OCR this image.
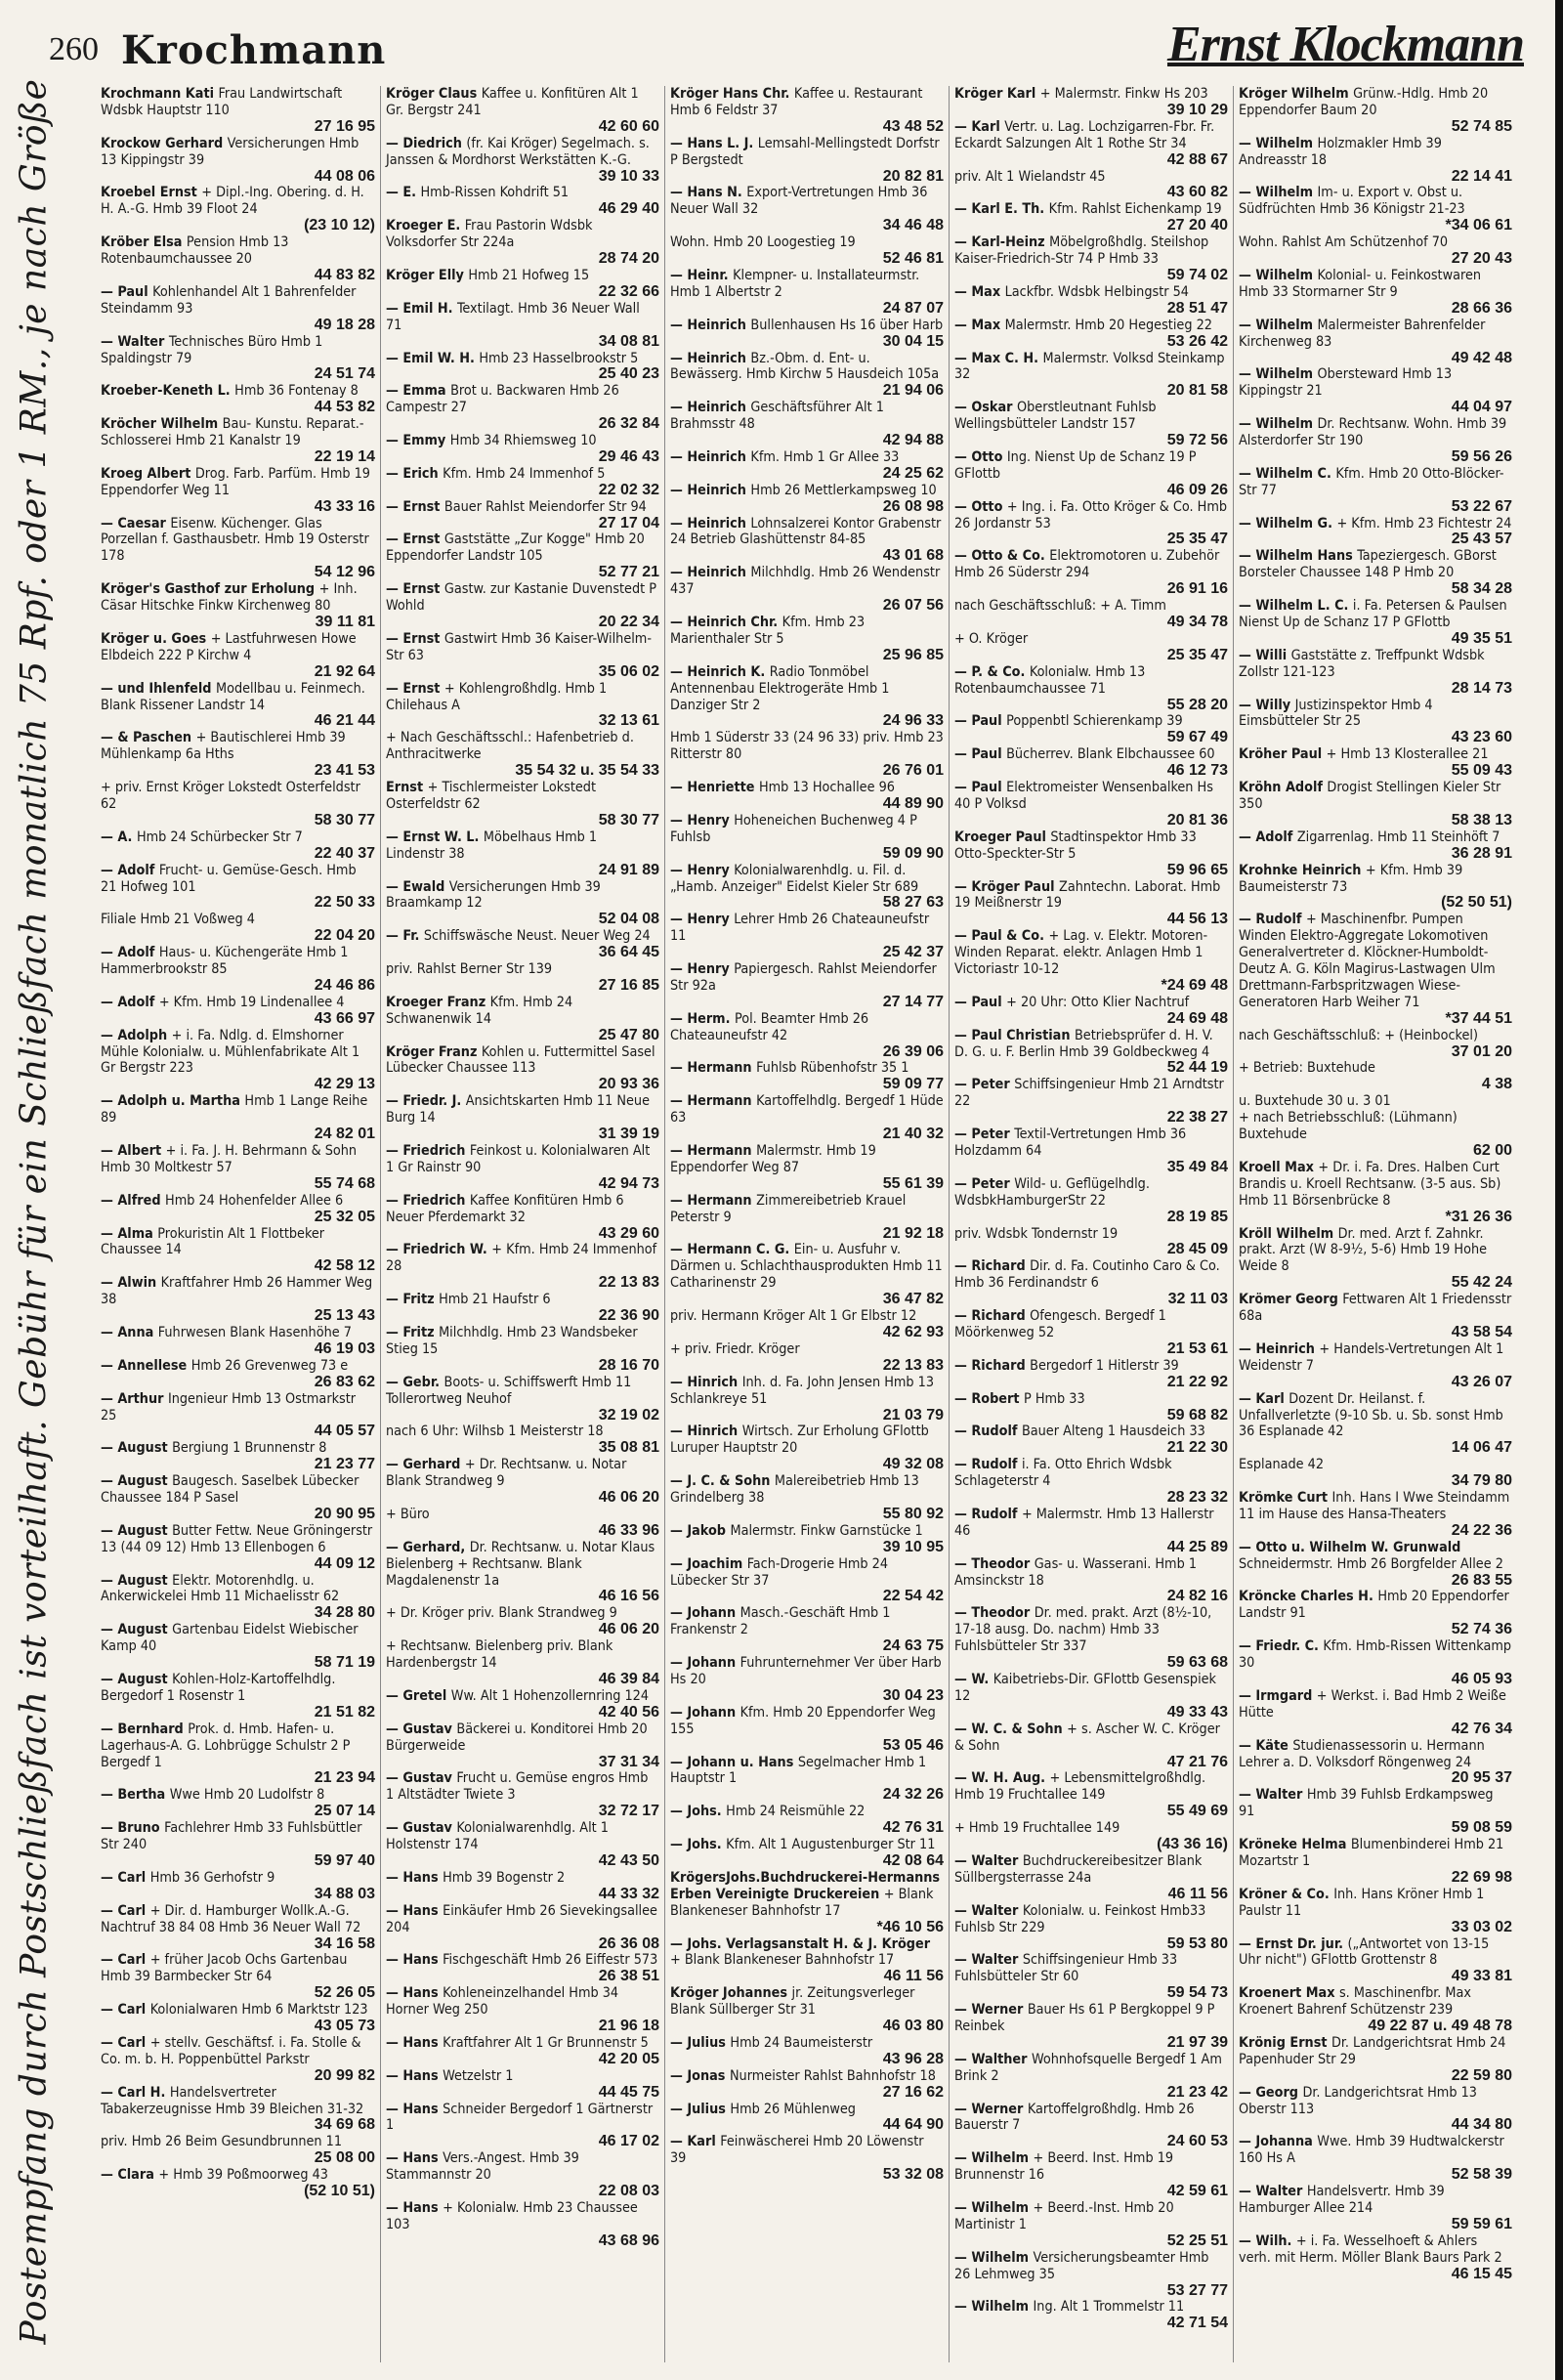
260 Krochmann	Ernst Klockmann
Postempfang durch Postschließfach ist vorteilhaft. Gebühr für ein Schließfach monatlich 75 Rpf. oder 1 RM., je nach Größe	Krochmann Kati Frau Landwirtschaft Wdsbk Hauptstr 110
27 16 95

Krockow Gerhard Versicherungen Hmb 13 Kippingstr 39
44 08 06

Kroebel Ernst + Dipl.-Ing. Obering. d. H. H. A.-G. Hmb 39 Floot 24
(23 10 12)

Kröber Elsa Pension Hmb 13 Rotenbaumchaussee 20
44 83 82

— Paul Kohlenhandel Alt 1 Bahrenfelder Steindamm 93
49 18 28

— Walter Technisches Büro Hmb 1 Spaldingstr 79
24 51 74

Kroeber-Keneth L. Hmb 36 Fontenay 8
44 53 82

Kröcher Wilhelm Bau- Kunstu. Reparat.-Schlosserei Hmb 21 Kanalstr 19
22 19 14

Kroeg Albert Drog. Farb. Parfüm. Hmb 19 Eppendorfer Weg 11
43 33 16

— Caesar Eisenw. Küchenger. Glas Porzellan f. Gasthausbetr. Hmb 19 Osterstr 178
54 12 96

Kröger's Gasthof zur Erholung + Inh. Cäsar Hitschke Finkw Kirchenweg 80
39 11 81

Kröger u. Goes + Lastfuhrwesen Howe Elbdeich 222 P Kirchw 4
21 92 64

— und Ihlenfeld Modellbau u. Feinmech. Blank Rissener Landstr 14
46 21 44

— & Paschen + Bautischlerei Hmb 39 Mühlenkamp 6a Hths
23 41 53

+ priv. Ernst Kröger Lokstedt Osterfeldstr 62
58 30 77

— A. Hmb 24 Schürbecker Str 7
22 40 37

— Adolf Frucht- u. Gemüse-Gesch. Hmb 21 Hofweg 101
22 50 33

Filiale Hmb 21 Voßweg 4
22 04 20

— Adolf Haus- u. Küchengeräte Hmb 1 Hammerbrookstr 85
24 46 86

— Adolf + Kfm. Hmb 19 Lindenallee 4
43 66 97

— Adolph + i. Fa. Ndlg. d. Elmshorner Mühle Kolonialw. u. Mühlenfabrikate Alt 1 Gr Bergstr 223
42 29 13

— Adolph u. Martha Hmb 1 Lange Reihe 89
24 82 01

— Albert + i. Fa. J. H. Behrmann & Sohn Hmb 30 Moltkestr 57
55 74 68

— Alfred Hmb 24 Hohenfelder Allee 6
25 32 05

— Alma Prokuristin Alt 1 Flottbeker Chaussee 14
42 58 12

— Alwin Kraftfahrer Hmb 26 Hammer Weg 38
25 13 43

— Anna Fuhrwesen Blank Hasenhöhe 7
46 19 03

— Annellese Hmb 26 Grevenweg 73 e
26 83 62

— Arthur Ingenieur Hmb 13 Ostmarkstr 25
44 05 57

— August Bergiung 1 Brunnenstr 8
21 23 77

— August Baugesch. Saselbek Lübecker Chaussee 184 P Sasel
20 90 95

— August Butter Fettw. Neue Gröningerstr 13 (44 09 12) Hmb 13 Ellenbogen 6
44 09 12

— August Elektr. Motorenhdlg. u. Ankerwickelei Hmb 11 Michaelisstr 62
34 28 80

— August Gartenbau Eidelst Wiebischer Kamp 40
58 71 19

— August Kohlen-Holz-Kartoffelhdlg. Bergedorf 1 Rosenstr 1
21 51 82

— Bernhard Prok. d. Hmb. Hafen- u. Lagerhaus-A. G. Lohbrügge Schulstr 2 P Bergedf 1
21 23 94

— Bertha Wwe Hmb 20 Ludolfstr 8
25 07 14

— Bruno Fachlehrer Hmb 33 Fuhlsbüttler Str 240
59 97 40

— Carl Hmb 36 Gerhofstr 9
34 88 03

— Carl + Dir. d. Hamburger Wollk.A.-G. Nachtruf 38 84 08 Hmb 36 Neuer Wall 72
34 16 58

— Carl + früher Jacob Ochs Gartenbau Hmb 39 Barmbecker Str 64
52 26 05

— Carl Kolonialwaren Hmb 6 Marktstr 123
43 05 73

— Carl + stellv. Geschäftsf. i. Fa. Stolle & Co. m. b. H. Poppenbüttel Parkstr
20 99 82

— Carl H. Handelsvertreter Tabakerzeugnisse Hmb 39 Bleichen 31-32
34 69 68

priv. Hmb 26 Beim Gesundbrunnen 11
25 08 00

— Clara + Hmb 39 Poßmoorweg 43
(52 10 51)

Kröger Claus Kaffee u. Konfitüren Alt 1 Gr. Bergstr 241
42 60 60

— Diedrich (fr. Kai Kröger) Segelmach. s. Janssen & Mordhorst Werkstätten K.-G.
39 10 33

— E. Hmb-Rissen Kohdrift 51
46 29 40

Kroeger E. Frau Pastorin Wdsbk Volksdorfer Str 224a
28 74 20

Kröger Elly Hmb 21 Hofweg 15
22 32 66

— Emil H. Textilagt. Hmb 36 Neuer Wall 71
34 08 81

— Emil W. H. Hmb 23 Hasselbrookstr 5
25 40 23

— Emma Brot u. Backwaren Hmb 26 Campestr 27
26 32 84

— Emmy Hmb 34 Rhiemsweg 10
29 46 43

— Erich Kfm. Hmb 24 Immenhof 5
22 02 32

— Ernst Bauer Rahlst Meiendorfer Str 94
27 17 04

— Ernst Gaststätte „Zur Kogge" Hmb 20 Eppendorfer Landstr 105
52 77 21

— Ernst Gastw. zur Kastanie Duvenstedt P Wohld
20 22 34

— Ernst Gastwirt Hmb 36 Kaiser-Wilhelm-Str 63
35 06 02

— Ernst + Kohlengroßhdlg. Hmb 1 Chilehaus A
32 13 61

+ Nach Geschäftsschl.: Hafenbetrieb d. Anthracitwerke
35 54 32 u. 35 54 33

Ernst + Tischlermeister Lokstedt Osterfeldstr 62
58 30 77

— Ernst W. L. Möbelhaus Hmb 1 Lindenstr 38
24 91 89

— Ewald Versicherungen Hmb 39 Braamkamp 12
52 04 08

— Fr. Schiffswäsche Neust. Neuer Weg 24
36 64 45

priv. Rahlst Berner Str 139
27 16 85

Kroeger Franz Kfm. Hmb 24 Schwanenwik 14
25 47 80

Kröger Franz Kohlen u. Futtermittel Sasel Lübecker Chaussee 113
20 93 36

— Friedr. J. Ansichtskarten Hmb 11 Neue Burg 14
31 39 19

— Friedrich Feinkost u. Kolonialwaren Alt 1 Gr Rainstr 90
42 94 73

— Friedrich Kaffee Konfitüren Hmb 6 Neuer Pferdemarkt 32
43 29 60

— Friedrich W. + Kfm. Hmb 24 Immenhof 28
22 13 83

— Fritz Hmb 21 Haufstr 6
22 36 90

— Fritz Milchhdlg. Hmb 23 Wandsbeker Stieg 15
28 16 70

— Gebr. Boots- u. Schiffswerft Hmb 11 Tollerortweg Neuhof
32 19 02

nach 6 Uhr: Wilhsb 1 Meisterstr 18
35 08 81

— Gerhard + Dr. Rechtsanw. u. Notar Blank Strandweg 9
46 06 20

+ Büro
46 33 96

— Gerhard, Dr. Rechtsanw. u. Notar Klaus Bielenberg + Rechtsanw. Blank Magdalenenstr 1a
46 16 56

+ Dr. Kröger priv. Blank Strandweg 9
46 06 20

+ Rechtsanw. Bielenberg priv. Blank Hardenbergstr 14
46 39 84

— Gretel Ww. Alt 1 Hohenzollernring 124
42 40 56

— Gustav Bäckerei u. Konditorei Hmb 20 Bürgerweide
37 31 34

— Gustav Frucht u. Gemüse engros Hmb 1 Altstädter Twiete 3
32 72 17

— Gustav Kolonialwarenhdlg. Alt 1 Holstenstr 174
42 43 50

— Hans Hmb 39 Bogenstr 2
44 33 32

— Hans Einkäufer Hmb 26 Sievekingsallee 204
26 36 08

— Hans Fischgeschäft Hmb 26 Eiffestr 573
26 38 51

— Hans Kohleneinzelhandel Hmb 34 Horner Weg 250
21 96 18

— Hans Kraftfahrer Alt 1 Gr Brunnenstr 5
42 20 05

— Hans Wetzelstr 1
44 45 75

— Hans Schneider Bergedorf 1 Gärtnerstr 1
46 17 02

— Hans Vers.-Angest. Hmb 39 Stammannstr 20
22 08 03

— Hans + Kolonialw. Hmb 23 Chaussee 103
43 68 96

Kröger Hans Chr. Kaffee u. Restaurant Hmb 6 Feldstr 37
43 48 52

— Hans L. J. Lemsahl-Mellingstedt Dorfstr P Bergstedt
20 82 81

— Hans N. Export-Vertretungen Hmb 36 Neuer Wall 32
34 46 48

Wohn. Hmb 20 Loogestieg 19
52 46 81

— Heinr. Klempner- u. Installateurmstr. Hmb 1 Albertstr 2
24 87 07

— Heinrich Bullenhausen Hs 16 über Harb
30 04 15

— Heinrich Bz.-Obm. d. Ent- u. Bewässerg. Hmb Kirchw 5 Hausdeich 105a
21 94 06

— Heinrich Geschäftsführer Alt 1 Brahmsstr 48
42 94 88

— Heinrich Kfm. Hmb 1 Gr Allee 33
24 25 62

— Heinrich Hmb 26 Mettlerkampsweg 10
26 08 98

— Heinrich Lohnsalzerei Kontor Grabenstr 24 Betrieb Glashüttenstr 84-85
43 01 68

— Heinrich Milchhdlg. Hmb 26 Wendenstr 437
26 07 56

— Heinrich Chr. Kfm. Hmb 23 Marienthaler Str 5
25 96 85

— Heinrich K. Radio Tonmöbel Antennenbau Elektrogeräte Hmb 1 Danziger Str 2
24 96 33

Hmb 1 Süderstr 33 (24 96 33) priv. Hmb 23 Ritterstr 80
26 76 01

— Henriette Hmb 13 Hochallee 96
44 89 90

— Henry Hoheneichen Buchenweg 4 P Fuhlsb
59 09 90

— Henry Kolonialwarenhdlg. u. Fil. d. „Hamb. Anzeiger" Eidelst Kieler Str 689
58 27 63

— Henry Lehrer Hmb 26 Chateauneufstr 11
25 42 37

— Henry Papiergesch. Rahlst Meiendorfer Str 92a
27 14 77

— Herm. Pol. Beamter Hmb 26 Chateauneufstr 42
26 39 06

— Hermann Fuhlsb Rübenhofstr 35 1
59 09 77

— Hermann Kartoffelhdlg. Bergedf 1 Hüde 63
21 40 32

— Hermann Malermstr. Hmb 19 Eppendorfer Weg 87
55 61 39

— Hermann Zimmereibetrieb Krauel Peterstr 9
21 92 18

— Hermann C. G. Ein- u. Ausfuhr v. Därmen u. Schlachthausprodukten Hmb 11 Catharinenstr 29
36 47 82

priv. Hermann Kröger Alt 1 Gr Elbstr 12
42 62 93

+ priv. Friedr. Kröger
22 13 83

— Hinrich Inh. d. Fa. John Jensen Hmb 13 Schlankreye 51
21 03 79

— Hinrich Wirtsch. Zur Erholung GFlottb Luruper Hauptstr 20
49 32 08

— J. C. & Sohn Malereibetrieb Hmb 13 Grindelberg 38
55 80 92

— Jakob Malermstr. Finkw Garnstücke 1
39 10 95

— Joachim Fach-Drogerie Hmb 24 Lübecker Str 37
22 54 42

— Johann Masch.-Geschäft Hmb 1 Frankenstr 2
24 63 75

— Johann Fuhrunternehmer Ver über Harb Hs 20
30 04 23

— Johann Kfm. Hmb 20 Eppendorfer Weg 155
53 05 46

— Johann u. Hans Segelmacher Hmb 1 Hauptstr 1
24 32 26

— Johs. Hmb 24 Reismühle 22
42 76 31

— Johs. Kfm. Alt 1 Augustenburger Str 11
42 08 64

KrögersJohs.Buchdruckerei-Hermanns Erben Vereinigte Druckereien + Blank Blankeneser Bahnhofstr 17
*46 10 56

— Johs. Verlagsanstalt H. & J. Kröger + Blank Blankeneser Bahnhofstr 17
46 11 56

Kröger Johannes jr. Zeitungsverleger Blank Süllberger Str 31
46 03 80

— Julius Hmb 24 Baumeisterstr
43 96 28

— Jonas Nurmeister Rahlst Bahnhofstr 18
27 16 62

— Julius Hmb 26 Mühlenweg
44 64 90

— Karl Feinwäscherei Hmb 20 Löwenstr 39
53 32 08

Kröger Karl + Malermstr. Finkw Hs 203
39 10 29

— Karl Vertr. u. Lag. Lochzigarren-Fbr. Fr. Eckardt Salzungen Alt 1 Rothe Str 34
42 88 67

priv. Alt 1 Wielandstr 45
43 60 82

— Karl E. Th. Kfm. Rahlst Eichenkamp 19
27 20 40

— Karl-Heinz Möbelgroßhdlg. Steilshop Kaiser-Friedrich-Str 74 P Hmb 33
59 74 02

— Max Lackfbr. Wdsbk Helbingstr 54
28 51 47

— Max Malermstr. Hmb 20 Hegestieg 22
53 26 42

— Max C. H. Malermstr. Volksd Steinkamp 32
20 81 58

— Oskar Oberstleutnant Fuhlsb Wellingsbütteler Landstr 157
59 72 56

— Otto Ing. Nienst Up de Schanz 19 P GFlottb
46 09 26

— Otto + Ing. i. Fa. Otto Kröger & Co. Hmb 26 Jordanstr 53
25 35 47

— Otto & Co. Elektromotoren u. Zubehör Hmb 26 Süderstr 294
26 91 16

nach Geschäftsschluß: + A. Timm
49 34 78

+ O. Kröger
25 35 47

— P. & Co. Kolonialw. Hmb 13 Rotenbaumchaussee 71
55 28 20

— Paul Poppenbtl Schierenkamp 39
59 67 49

— Paul Bücherrev. Blank Elbchaussee 60
46 12 73

— Paul Elektromeister Wensenbalken Hs 40 P Volksd
20 81 36

Kroeger Paul Stadtinspektor Hmb 33 Otto-Speckter-Str 5
59 96 65

— Kröger Paul Zahntechn. Laborat. Hmb 19 Meißnerstr 19
44 56 13

— Paul & Co. + Lag. v. Elektr. Motoren-Winden Reparat. elektr. Anlagen Hmb 1 Victoriastr 10-12
*24 69 48

— Paul + 20 Uhr: Otto Klier Nachtruf
24 69 48

— Paul Christian Betriebsprüfer d. H. V. D. G. u. F. Berlin Hmb 39 Goldbeckweg 4
52 44 19

— Peter Schiffsingenieur Hmb 21 Arndtstr 22
22 38 27

— Peter Textil-Vertretungen Hmb 36 Holzdamm 64
35 49 84

— Peter Wild- u. Geflügelhdlg. WdsbkHamburgerStr 22
28 19 85

priv. Wdsbk Tondernstr 19
28 45 09

— Richard Dir. d. Fa. Coutinho Caro & Co. Hmb 36 Ferdinandstr 6
32 11 03

— Richard Ofengesch. Bergedf 1 Möörkenweg 52
21 53 61

— Richard Bergedorf 1 Hitlerstr 39
21 22 92

— Robert P Hmb 33
59 68 82

— Rudolf Bauer Alteng 1 Hausdeich 33
21 22 30

— Rudolf i. Fa. Otto Ehrich Wdsbk Schlageterstr 4
28 23 32

— Rudolf + Malermstr. Hmb 13 Hallerstr 46
44 25 89

— Theodor Gas- u. Wasserani. Hmb 1 Amsinckstr 18
24 82 16

— Theodor Dr. med. prakt. Arzt (8½-10, 17-18 ausg. Do. nachm) Hmb 33 Fuhlsbütteler Str 337
59 63 68

— W. Kaibetriebs-Dir. GFlottb Gesenspiek 12
49 33 43

— W. C. & Sohn + s. Ascher W. C. Kröger & Sohn
47 21 76

— W. H. Aug. + Lebensmittelgroßhdlg. Hmb 19 Fruchtallee 149
55 49 69

+ Hmb 19 Fruchtallee 149
(43 36 16)

— Walter Buchdruckereibesitzer Blank Süllbergsterrasse 24a
46 11 56

— Walter Kolonialw. u. Feinkost Hmb33 Fuhlsb Str 229
59 53 80

— Walter Schiffsingenieur Hmb 33 Fuhlsbütteler Str 60
59 54 73

— Werner Bauer Hs 61 P Bergkoppel 9 P Reinbek
21 97 39

— Walther Wohnhofsquelle Bergedf 1 Am Brink 2
21 23 42

— Werner Kartoffelgroßhdlg. Hmb 26 Bauerstr 7
24 60 53

— Wilhelm + Beerd. Inst. Hmb 19 Brunnenstr 16
42 59 61

— Wilhelm + Beerd.-Inst. Hmb 20 Martinistr 1
52 25 51

— Wilhelm Versicherungsbeamter Hmb 26 Lehmweg 35
53 27 77

— Wilhelm Ing. Alt 1 Trommelstr 11
42 71 54

Kröger Wilhelm Grünw.-Hdlg. Hmb 20 Eppendorfer Baum 20
52 74 85

— Wilhelm Holzmakler Hmb 39 Andreasstr 18
22 14 41

— Wilhelm Im- u. Export v. Obst u. Südfrüchten Hmb 36 Königstr 21-23
*34 06 61

Wohn. Rahlst Am Schützenhof 70
27 20 43

— Wilhelm Kolonial- u. Feinkostwaren Hmb 33 Stormarner Str 9
28 66 36

— Wilhelm Malermeister Bahrenfelder Kirchenweg 83
49 42 48

— Wilhelm Obersteward Hmb 13 Kippingstr 21
44 04 97

— Wilhelm Dr. Rechtsanw. Wohn. Hmb 39 Alsterdorfer Str 190
59 56 26

— Wilhelm C. Kfm. Hmb 20 Otto-Blöcker-Str 77
53 22 67

— Wilhelm G. + Kfm. Hmb 23 Fichtestr 24
25 43 57

— Wilhelm Hans Tapeziergesch. GBorst Borsteler Chaussee 148 P Hmb 20
58 34 28

— Wilhelm L. C. i. Fa. Petersen & Paulsen Nienst Up de Schanz 17 P GFlottb
49 35 51

— Willi Gaststätte z. Treffpunkt Wdsbk Zollstr 121-123
28 14 73

— Willy Justizinspektor Hmb 4 Eimsbütteler Str 25
43 23 60

Kröher Paul + Hmb 13 Klosterallee 21
55 09 43

Kröhn Adolf Drogist Stellingen Kieler Str 350
58 38 13

— Adolf Zigarrenlag. Hmb 11 Steinhöft 7
36 28 91

Krohnke Heinrich + Kfm. Hmb 39 Baumeisterstr 73
(52 50 51)

— Rudolf + Maschinenfbr. Pumpen Winden Elektro-Aggregate Lokomotiven Generalvertreter d. Klöckner-Humboldt-Deutz A. G. Köln Magirus-Lastwagen Ulm Drettmann-Farbspritzwagen Wiese-Generatoren Harb Weiher 71
*37 44 51

nach Geschäftsschluß: + (Heinbockel)
37 01 20

+ Betrieb: Buxtehude
4 38

u. Buxtehude 30 u. 3 01

+ nach Betriebsschluß: (Lühmann) Buxtehude
62 00

Kroell Max + Dr. i. Fa. Dres. Halben Curt Brandis u. Kroell Rechtsanw. (3-5 aus. Sb) Hmb 11 Börsenbrücke 8
*31 26 36

Kröll Wilhelm Dr. med. Arzt f. Zahnkr. prakt. Arzt (W 8-9½, 5-6) Hmb 19 Hohe Weide 8
55 42 24

Krömer Georg Fettwaren Alt 1 Friedensstr 68a
43 58 54

— Heinrich + Handels-Vertretungen Alt 1 Weidenstr 7
43 26 07

— Karl Dozent Dr. Heilanst. f. Unfallverletzte (9-10 Sb. u. Sb. sonst Hmb 36 Esplanade 42
14 06 47

Esplanade 42
34 79 80

Krömke Curt Inh. Hans I Wwe Steindamm 11 im Hause des Hansa-Theaters
24 22 36

— Otto u. Wilhelm W. Grunwald Schneidermstr. Hmb 26 Borgfelder Allee 2
26 83 55

Kröncke Charles H. Hmb 20 Eppendorfer Landstr 91
52 74 36

— Friedr. C. Kfm. Hmb-Rissen Wittenkamp 30
46 05 93

— Irmgard + Werkst. i. Bad Hmb 2 Weiße Hütte
42 76 34

— Käte Studienassessorin u. Hermann Lehrer a. D. Volksdorf Röngenweg 24
20 95 37

— Walter Hmb 39 Fuhlsb Erdkampsweg 91
59 08 59

Kröneke Helma Blumenbinderei Hmb 21 Mozartstr 1
22 69 98

Kröner & Co. Inh. Hans Kröner Hmb 1 Paulstr 11
33 03 02

— Ernst Dr. jur. („Antwortet von 13-15 Uhr nicht") GFlottb Grottenstr 8
49 33 81

Kroenert Max s. Maschinenfbr. Max Kroenert Bahrenf Schützenstr 239
49 22 87 u. 49 48 78

Krönig Ernst Dr. Landgerichtsrat Hmb 24 Papenhuder Str 29
22 59 80

— Georg Dr. Landgerichtsrat Hmb 13 Oberstr 113
44 34 80

— Johanna Wwe. Hmb 39 Hudtwalckerstr 160 Hs A
52 58 39

— Walter Handelsvertr. Hmb 39 Hamburger Allee 214
59 59 61

— Wilh. + i. Fa. Wesselhoeft & Ahlers verh. mit Herm. Möller Blank Baurs Park 2
46 15 45
